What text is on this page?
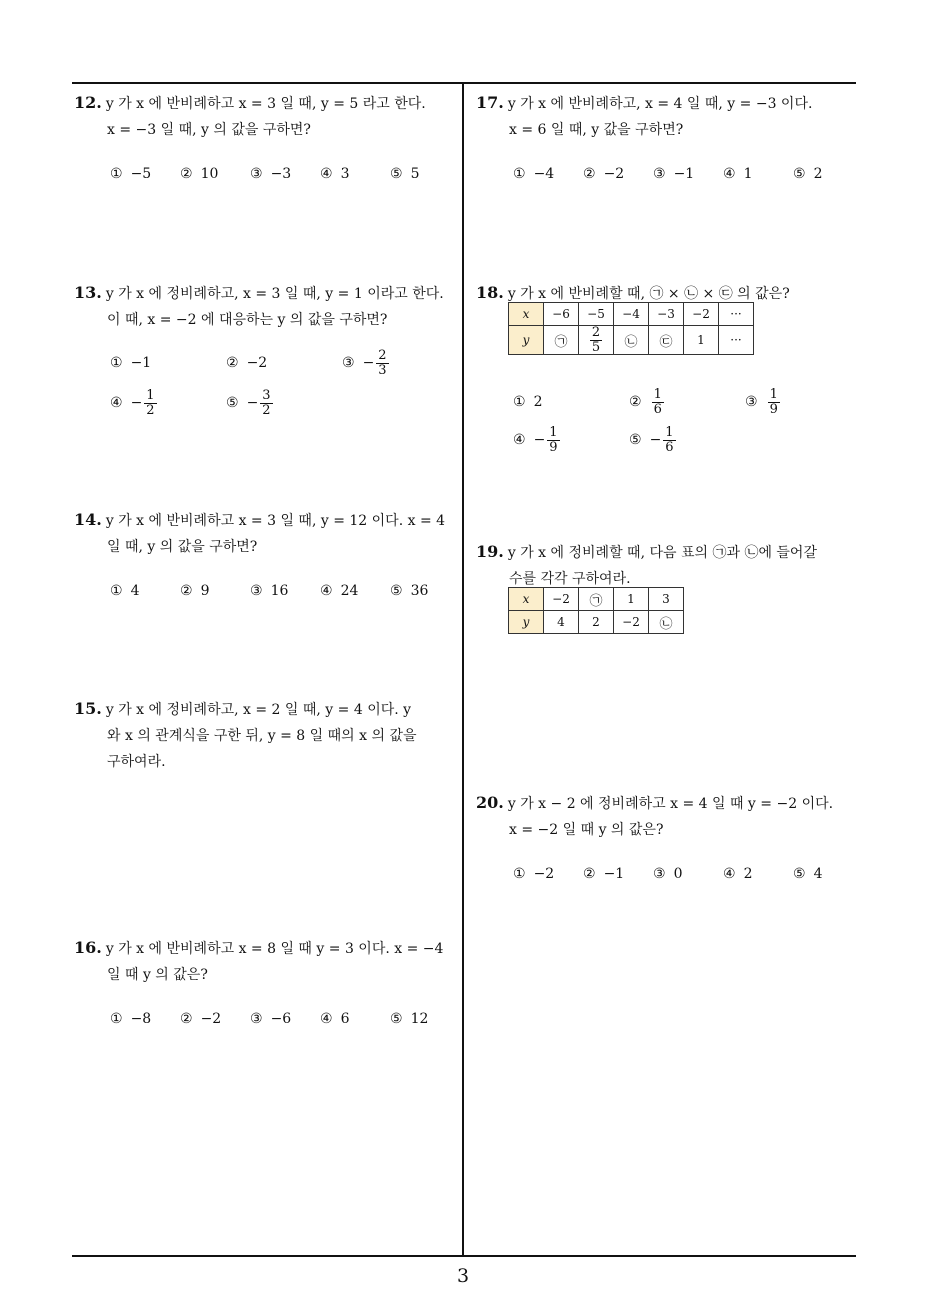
12. y 가 x 에 반비례하고 x = 3 일 때, y = 5 라고 한다.
x = −3 일 때, y 의 값을 구하면?
① −5 ② 10 ③ −3 ④ 3	⑤ 5
13. y 가 x 에 정비례하고, x = 3 일 때, y = 1 이라고 한다.
이 때, x = −2 에 대응하는 y 의 값을 구하면?
① −1	② −2	③ − $\frac{2}{3}$
④ − $\frac{1}{2}$	⑤ − $\frac{3}{2}$
14. y 가 x 에 반비례하고 x = 3 일 때, y = 12 이다. x = 4
일 때, y 의 값을 구하면?
① 4	② 9	③ 16 ④ 24 ⑤ 36
15. y 가 x 에 정비례하고, x = 2 일 때, y = 4 이다. y
와 x 의 관계식을 구한 뒤, y = 8 일 때의 x 의 값을
구하여라.
16. y 가 x 에 반비례하고 x = 8 일 때 y = 3 이다. x = −4
일 때 y 의 값은?
① −8 ② −2 ③ −6 ④ 6	⑤ 12
17. y 가 x 에 반비례하고, x = 4 일 때, y = −3 이다.
x = 6 일 때, y 값을 구하면?
① −4 ② −2 ③ −1 ④ 1	⑤ 2
18. y 가 x 에 반비례할 때, ㉠ × ㉡ × ㉢ 의 값은?
x	−6	−5	−4	−3	−2	···
y	㉠	$\frac{2}{5}$	㉡	㉢	1	···
① 2	② $\frac{1}{6}$	③ $\frac{1}{9}$
④ − $\frac{1}{9}$	⑤ − $\frac{1}{6}$
19. y 가 x 에 정비례할 때, 다음 표의 ㉠과 ㉡에 들어갈
수를 각각 구하여라.
x	−2	㉠	1	3
y	4	2	−2	㉡
20. y 가 x − 2 에 정비례하고 x = 4 일 때 y = −2 이다.
x = −2 일 때 y 의 값은?
① −2 ② −1 ③ 0	④ 2	⑤ 4
3
